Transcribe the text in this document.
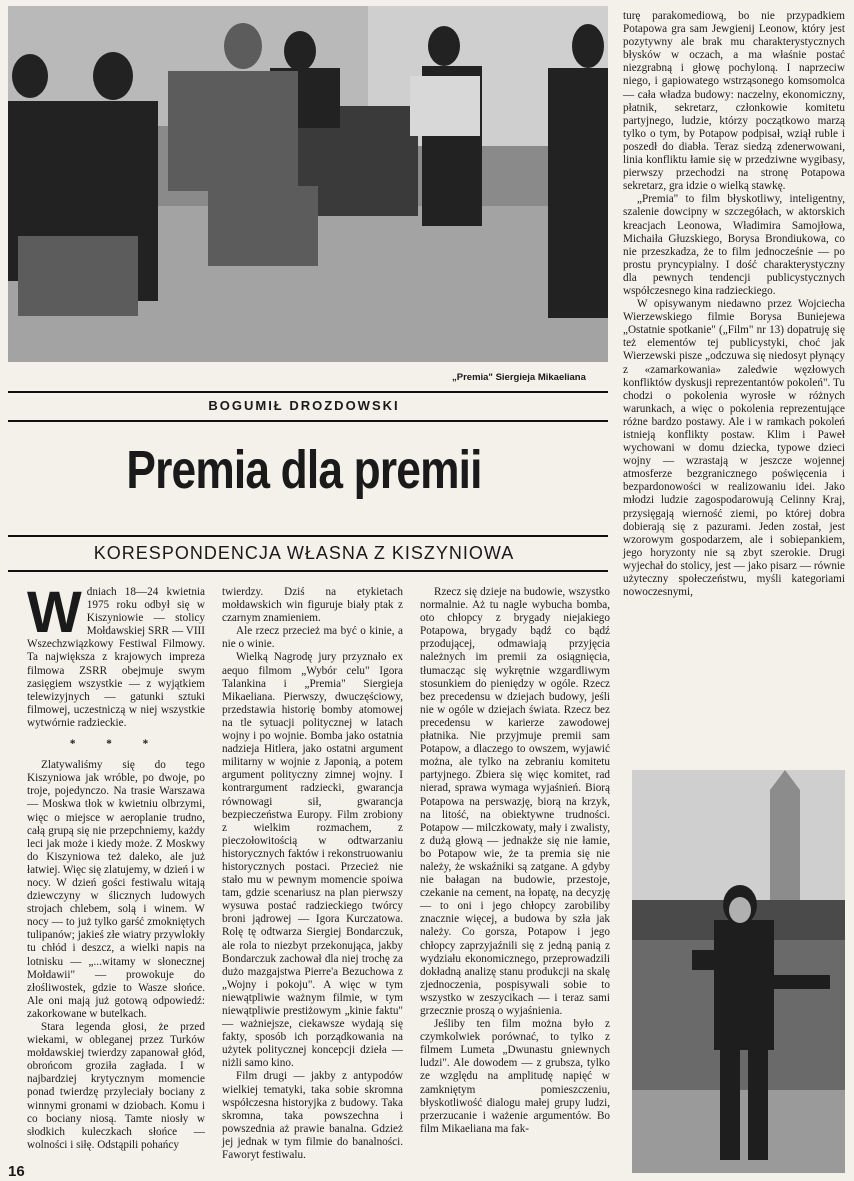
„Premia" Siergieja Mikaeliana
BOGUMIŁ DROZDOWSKI
Premia dla premii
KORESPONDENCJA WŁASNA Z KISZYNIOWA
W dniach 18—24 kwietnia 1975 roku odbył się w Kiszyniowie — stolicy Mołdawskiej SRR — VIII Wszechzwiązkowy Festiwal Filmowy. Ta największa z krajowych impreza filmowa ZSRR obejmuje swym zasięgiem wszystkie — z wyjątkiem telewizyjnych — gatunki sztuki filmowej, uczestniczą w niej wszystkie wytwórnie radzieckie.

* * *

Zlatywaliśmy się do tego Kiszyniowa jak wróble, po dwoje, po troje, pojedynczo. Na trasie Warszawa — Moskwa tłok w kwietniu olbrzymi, więc o miejsce w aeroplanie trudno, całą grupą się nie przepchniemy, każdy leci jak może i kiedy może. Z Moskwy do Kiszyniowa też daleko, ale już łatwiej. Więc się zlatujemy, w dzień i w nocy. W dzień gości festiwalu witają dziewczyny w ślicznych ludowych strojach chlebem, solą i winem. W nocy — to już tylko garść zmokniętych tulipanów; jakieś złe wiatry przywlokły tu chłód i deszcz, a wielki napis na lotnisku — „...witamy w słonecznej Mołdawii" — prowokuje do złośliwostek, gdzie to Wasze słońce. Ale oni mają już gotową odpowiedź: zakorkowane w butelkach.

Stara legenda głosi, że przed wiekami, w obleganej przez Turków mołdawskiej twierdzy zapanował głód, obrońcom groziła zagłada. I w najbardziej krytycznym momencie ponad twierdzę przyleciały bociany z winnymi gronami w dziobach. Komu i co bociany niosą. Tamte niosły w słodkich kuleczkach słońce — wolności i siłę. Odstąpili pohańcy

twierdzy. Dziś na etykietach mołdawskich win figuruje biały ptak z czarnym znamieniem.

Ale rzecz przecież ma być o kinie, a nie o winie.

Wielką Nagrodę jury przyznało ex aequo filmom „Wybór celu" Igora Talankina i „Premia" Siergieja Mikaeliana. Pierwszy, dwuczęściowy, przedstawia historię bomby atomowej na tle sytuacji politycznej w latach wojny i po wojnie. Bomba jako ostatnia nadzieja Hitlera, jako ostatni argument militarny w wojnie z Japonią, a potem argument polityczny zimnej wojny. I kontrargument radziecki, gwarancja równowagi sił, gwarancja bezpieczeństwa Europy. Film zrobiony z wielkim rozmachem, z pieczołowitością w odtwarzaniu historycznych faktów i rekonstruowaniu historycznych postaci. Przecież nie stało mu w pewnym momencie spoiwa tam, gdzie scenariusz na plan pierwszy wysuwa postać radzieckiego twórcy broni jądrowej — Igora Kurczatowa. Rolę tę odtwarza Siergiej Bondarczuk, ale rola to niezbyt przekonująca, jakby Bondarczuk zachował dla niej trochę za dużo mazgajstwa Pierre'a Bezuchowa z „Wojny i pokoju". A więc w tym niewątpliwie ważnym filmie, w tym niewątpliwie prestiżowym „kinie faktu" — ważniejsze, ciekawsze wydają się fakty, sposób ich porządkowania na użytek politycznej koncepcji dzieła — niżli samo kino.

Film drugi — jakby z antypodów wielkiej tematyki, taka sobie skromna współczesna historyjka z budowy. Taka skromna, taka powszechna i powszednia aż prawie banalna. Gdzież jej jednak w tym filmie do banalności. Faworyt festiwalu.

Rzecz się dzieje na budowie, wszystko normalnie. Aż tu nagle wybucha bomba, oto chłopcy z brygady niejakiego Potapowa, brygady bądź co bądź przodującej, odmawiają przyjęcia należnych im premii za osiągnięcia, tłumacząc się wykrętnie wzgardliwym stosunkiem do pieniędzy w ogóle. Rzecz bez precedensu w dziejach budowy, jeśli nie w ogóle w dziejach świata. Rzecz bez precedensu w karierze zawodowej płatnika. Nie przyjmuje premii sam Potapow, a dlaczego to owszem, wyjawić można, ale tylko na zebraniu komitetu partyjnego. Zbiera się więc komitet, rad nierad, sprawa wymaga wyjaśnień. Biorą Potapowa na perswazję, biorą na krzyk, na litość, na obiektywne trudności. Potapow — milczkowaty, mały i zwalisty, z dużą głową — jednakże się nie łamie, bo Potapow wie, że ta premia się nie należy, że wskaźniki są zatgane. A gdyby nie bałagan na budowie, przestoje, czekanie na cement, na łopatę, na decyzję — to oni i jego chłopcy zarobiliby znacznie więcej, a budowa by szła jak należy. Co gorsza, Potapow i jego chłopcy zaprzyjaźnili się z jedną panią z wydziału ekonomicznego, przeprowadzili dokładną analizę stanu produkcji na skalę zjednoczenia, pospisywali sobie to wszystko w zeszycikach — i teraz sami grzecznie proszą o wyjaśnienia.

Jeśliby ten film można było z czymkolwiek porównać, to tylko z filmem Lumeta „Dwunastu gniewnych ludzi". Ale dowodem — z grubsza, tylko ze względu na amplitudę napięć w zamkniętym pomieszczeniu, błyskotliwość dialogu małej grupy ludzi, przerzucanie i ważenie argumentów. Bo film Mikaeliana ma fak-

turę parakomediową, bo nie przypadkiem Potapowa gra sam Jewgienij Leonow, który jest pozytywny ale brak mu charakterystycznych błysków w oczach, a ma właśnie postać niezgrabną i głowę pochyloną. I naprzeciw niego, i gapiowatego wstrząsonego komsomolca — cała władza budowy: naczelny, ekonomiczny, płatnik, sekretarz, członkowie komitetu partyjnego, ludzie, którzy początkowo marzą tylko o tym, by Potapow podpisał, wziął ruble i poszedł do diabła. Teraz siedzą zdenerwowani, linia konfliktu łamie się w przedziwne wygibasy, pierwszy przechodzi na stronę Potapowa sekretarz, gra idzie o wielką stawkę.

„Premia" to film błyskotliwy, inteligentny, szalenie dowcipny w szczegółach, w aktorskich kreacjach Leonowa, Władimira Samojłowa, Michaiła Głuzskiego, Borysa Brondiukowa, co nie przeszkadza, że to film jednocześnie — po prostu pryncypialny. I dość charakterystyczny dla pewnych tendencji publicystycznych współczesnego kina radzieckiego.

W opisywanym niedawno przez Wojciecha Wierzewskiego filmie Borysa Buniejewa „Ostatnie spotkanie" („Film" nr 13) dopatruję się też elementów tej publicystyki, choć jak Wierzewski pisze „odczuwa się niedosyt płynący z «zamarkowania» zaledwie węzłowych konfliktów dyskusji reprezentantów pokoleń". Tu chodzi o pokolenia wyrosłe w różnych warunkach, a więc o pokolenia reprezentujące różne bardzo postawy. Ale i w ramkach pokoleń istnieją konflikty postaw. Klim i Paweł wychowani w domu dziecka, typowe dzieci wojny — wzrastają w jeszcze wojennej atmosferze bezgranicznego poświęcenia i bezpardonowości w realizowaniu idei. Jako młodzi ludzie zagospodarowują Celinny Kraj, przysięgają wierność ziemi, po której dobra dobierają się z pazurami. Jeden został, jest wzorowym gospodarzem, ale i sobiepankiem, jego horyzonty nie są zbyt szerokie. Drugi wyjechał do stolicy, jest — jako pisarz — równie użyteczny społeczeństwu, myśli kategoriami nowoczesnymi,

16
